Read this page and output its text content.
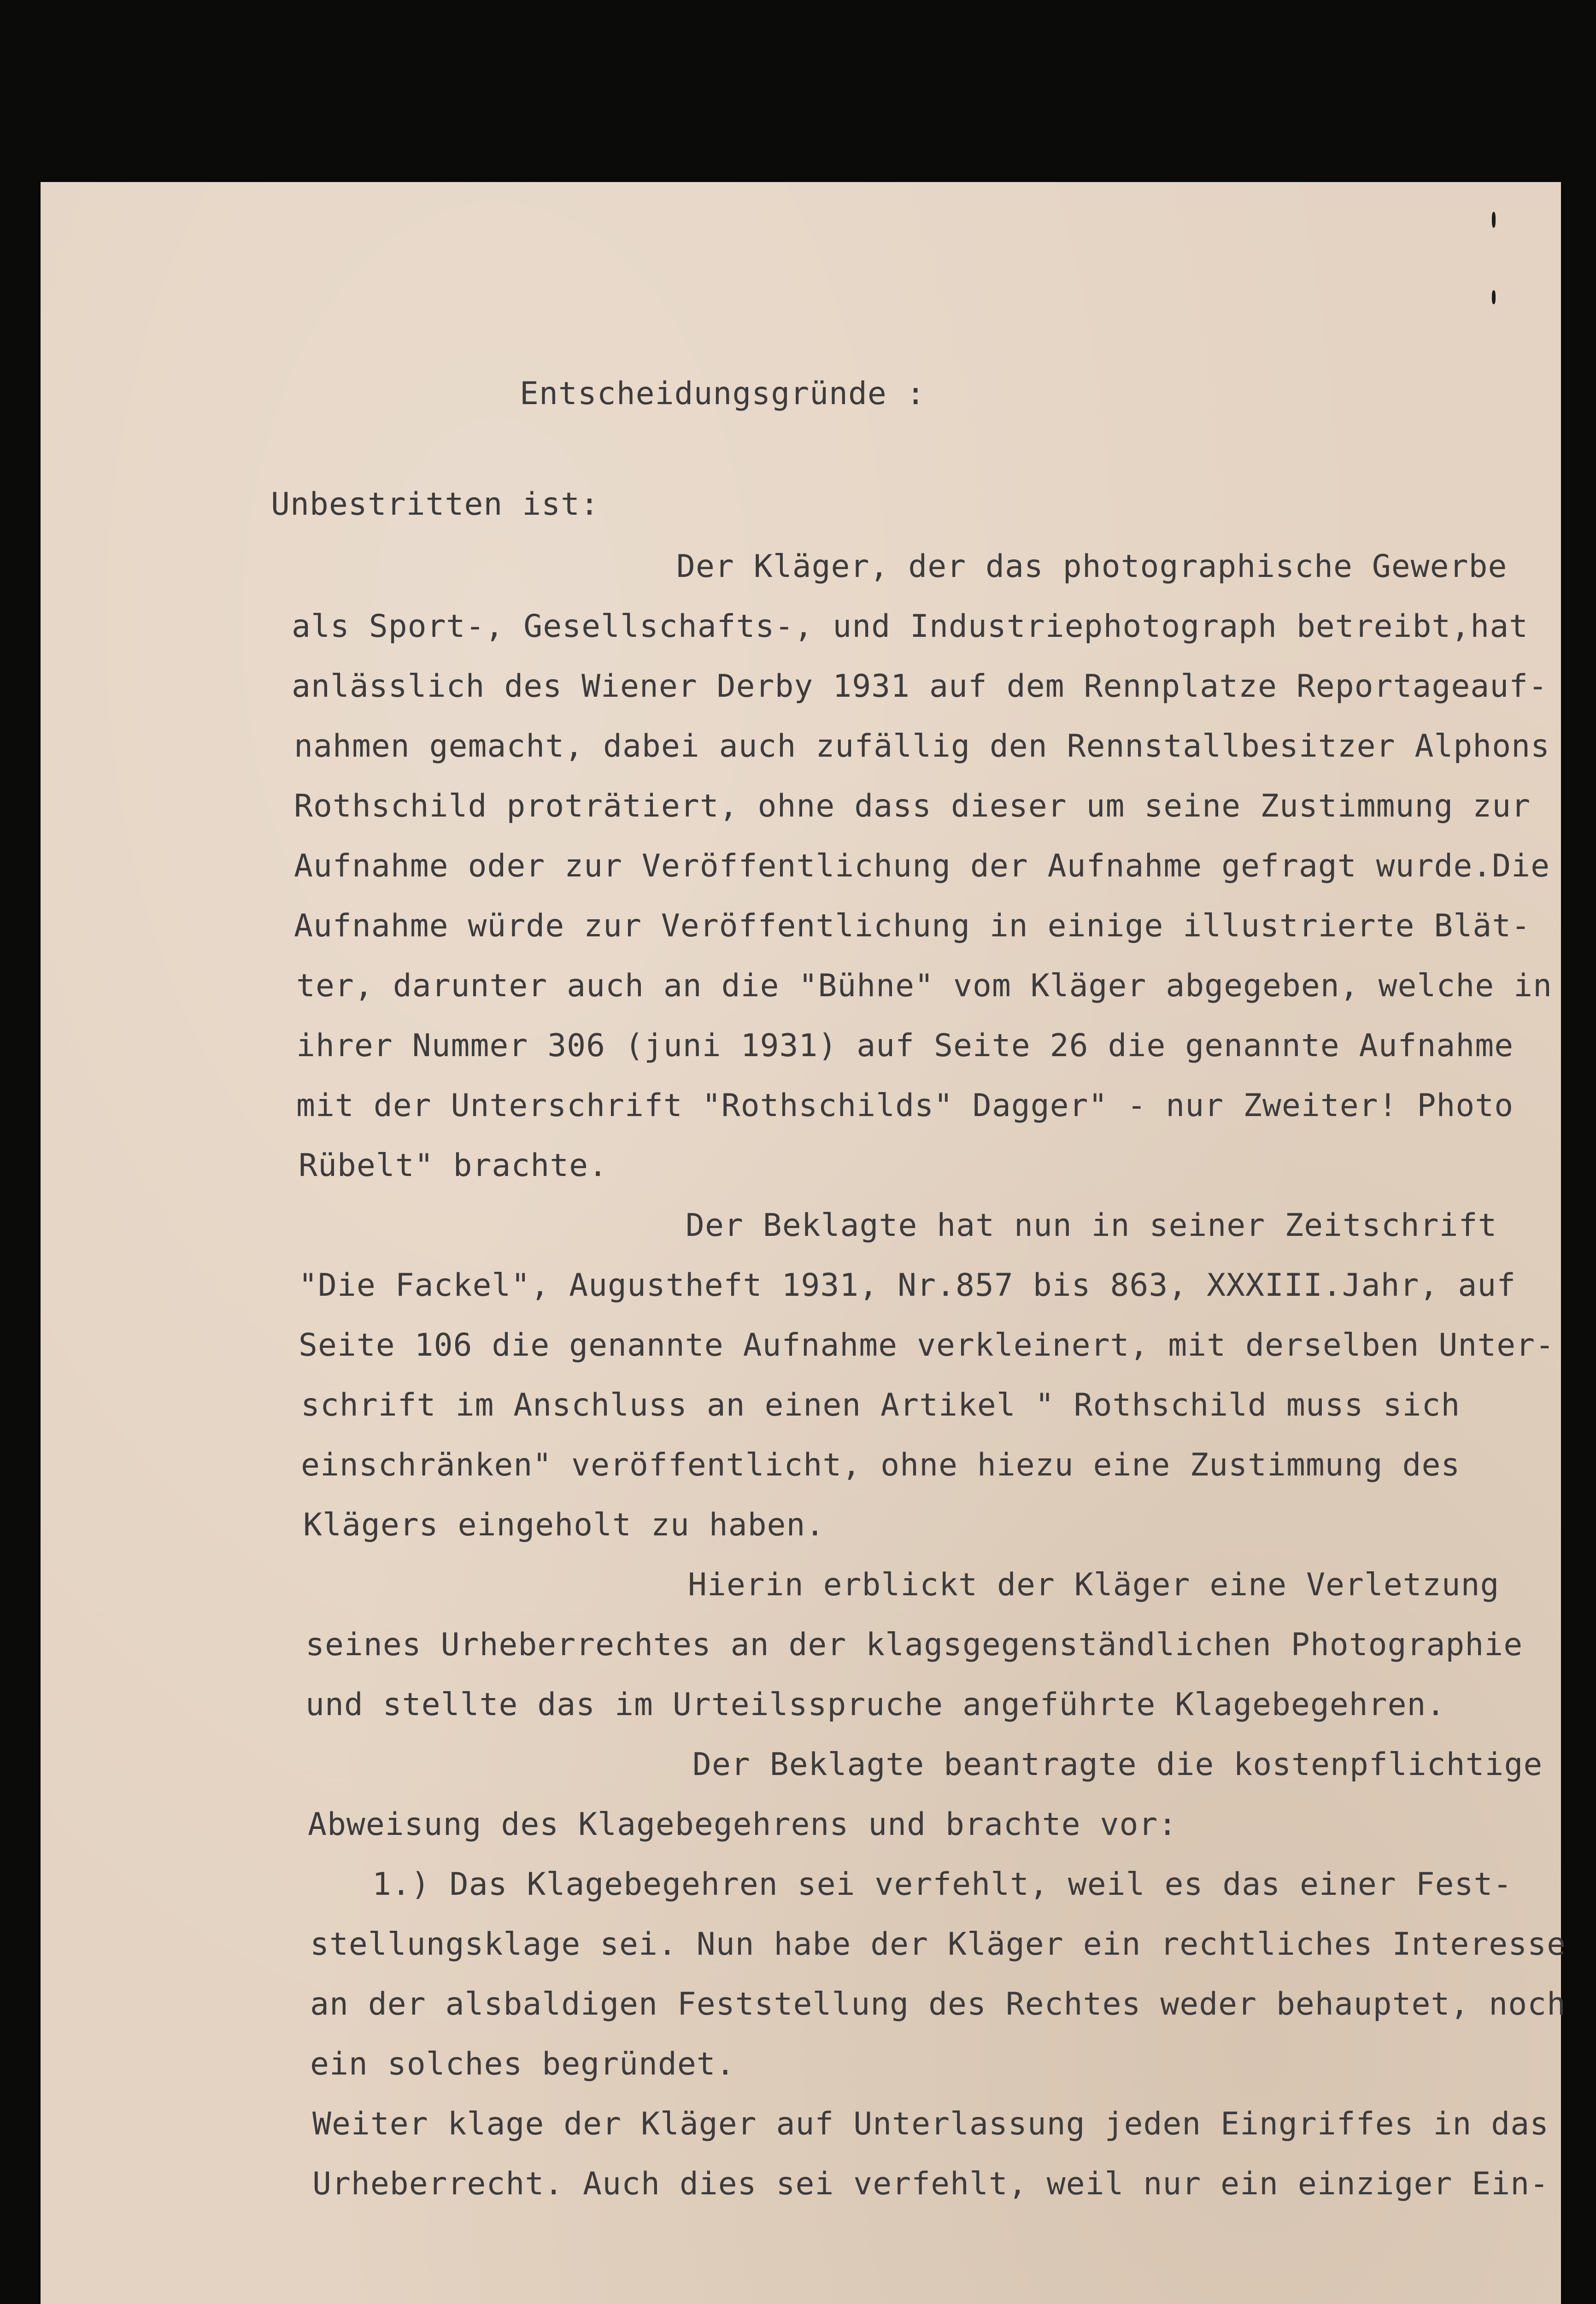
Entscheidungsgründe :
Unbestritten ist:
Der Kläger, der das photographische Gewerbe
als Sport-, Gesellschafts-, und Industriephotograph betreibt,hat
anlässlich des Wiener Derby 1931 auf dem Rennplatze Reportageauf-
nahmen gemacht, dabei auch zufällig den Rennstallbesitzer Alphons
Rothschild proträtiert, ohne dass dieser um seine Zustimmung zur
Aufnahme oder zur Veröffentlichung der Aufnahme gefragt wurde.Die
Aufnahme würde zur Veröffentlichung in einige illustrierte Blät-
ter, darunter auch an die "Bühne" vom Kläger abgegeben, welche in
ihrer Nummer 306 (juni 1931) auf Seite 26 die genannte Aufnahme
mit der Unterschrift "Rothschilds" Dagger" - nur Zweiter! Photo
Rübelt" brachte.
Der Beklagte hat nun in seiner Zeitschrift
"Die Fackel", Augustheft 1931, Nr.857 bis 863, XXXIII.Jahr, auf
Seite 106 die genannte Aufnahme verkleinert, mit derselben Unter-
schrift im Anschluss an einen Artikel " Rothschild muss sich
einschränken" veröffentlicht, ohne hiezu eine Zustimmung des
Klägers eingeholt zu haben.
Hierin erblickt der Kläger eine Verletzung
seines Urheberrechtes an der klagsgegenständlichen Photographie
und stellte das im Urteilsspruche angeführte Klagebegehren.
Der Beklagte beantragte die kostenpflichtige
Abweisung des Klagebegehrens und brachte vor:
1.) Das Klagebegehren sei verfehlt, weil es das einer Fest-
stellungsklage sei. Nun habe der Kläger ein rechtliches Interesse
an der alsbaldigen Feststellung des Rechtes weder behauptet, noch
ein solches begründet.
Weiter klage der Kläger auf Unterlassung jeden Eingriffes in das
Urheberrecht. Auch dies sei verfehlt, weil nur ein einziger Ein-
